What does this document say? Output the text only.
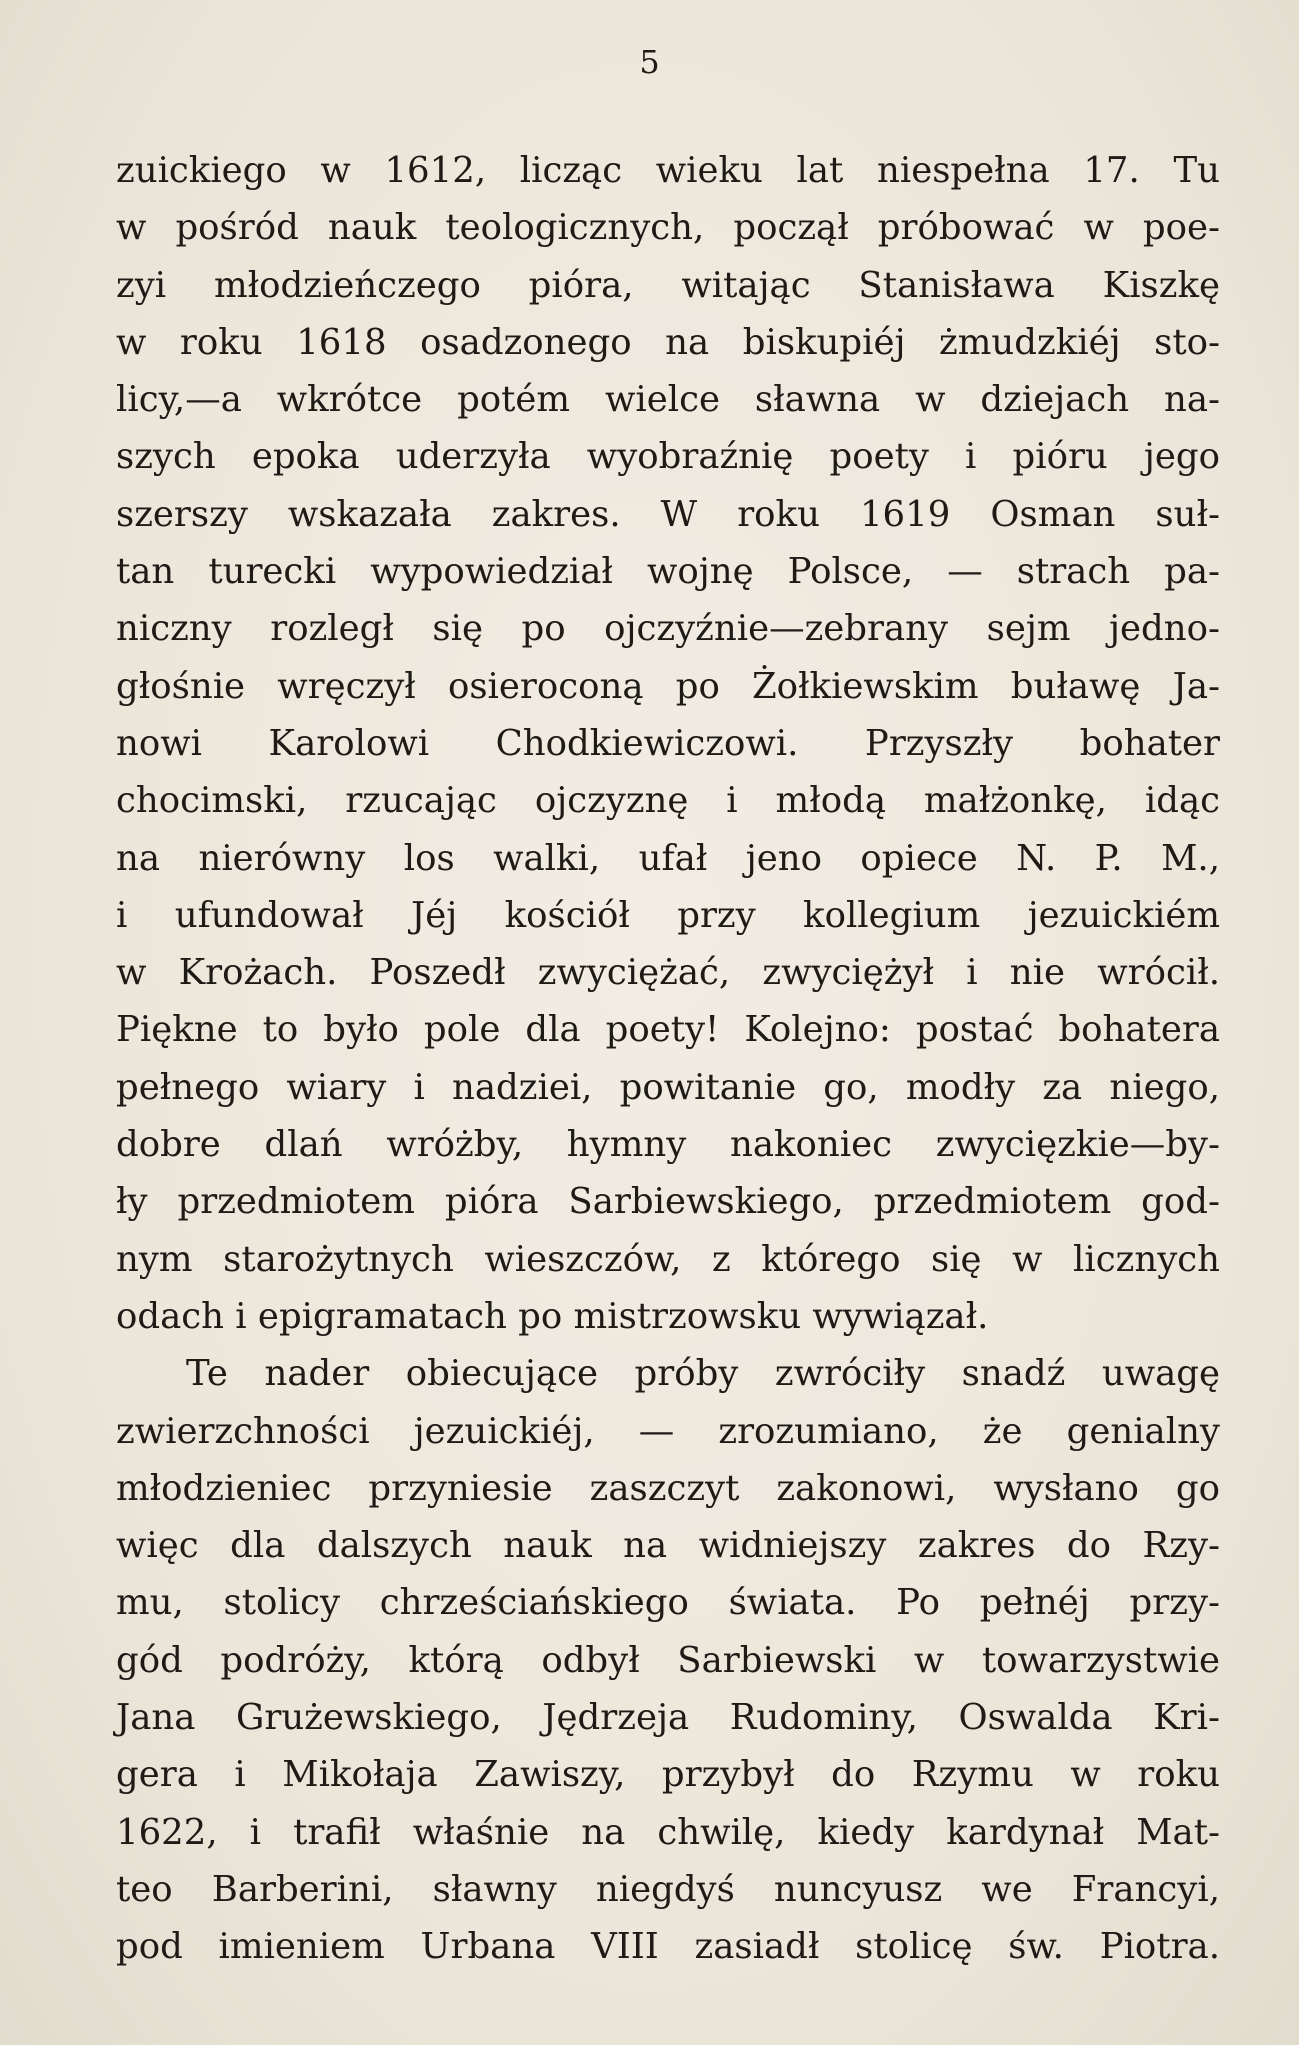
5
zuickiego w 1612, licząc wieku lat niespełna 17. Tu
w pośród nauk teologicznych, począł próbować w poe-
zyi młodzieńczego pióra, witając Stanisława Kiszkę
w roku 1618 osadzonego na biskupiéj żmudzkiéj sto-
licy,—a wkrótce potém wielce sławna w dziejach na-
szych epoka uderzyła wyobraźnię poety i pióru jego
szerszy wskazała zakres. W roku 1619 Osman suł-
tan turecki wypowiedział wojnę Polsce, — strach pa-
niczny rozległ się po ojczyźnie—zebrany sejm jedno-
głośnie wręczył osieroconą po Żołkiewskim buławę Ja-
nowi Karolowi Chodkiewiczowi. Przyszły bohater
chocimski, rzucając ojczyznę i młodą małżonkę, idąc
na nierówny los walki, ufał jeno opiece N. P. M.,
i ufundował Jéj kościół przy kollegium jezuickiém
w Krożach. Poszedł zwyciężać, zwyciężył i nie wrócił.
Piękne to było pole dla poety! Kolejno: postać bohatera
pełnego wiary i nadziei, powitanie go, modły za niego,
dobre dlań wróżby, hymny nakoniec zwycięzkie—by-
ły przedmiotem pióra Sarbiewskiego, przedmiotem god-
nym starożytnych wieszczów, z którego się w licznych
odach i epigramatach po mistrzowsku wywiązał.
Te nader obiecujące próby zwróciły snadź uwagę
zwierzchności jezuickiéj, — zrozumiano, że genialny
młodzieniec przyniesie zaszczyt zakonowi, wysłano go
więc dla dalszych nauk na widniejszy zakres do Rzy-
mu, stolicy chrześciańskiego świata. Po pełnéj przy-
gód podróży, którą odbył Sarbiewski w towarzystwie
Jana Grużewskiego, Jędrzeja Rudominy, Oswalda Kri-
gera i Mikołaja Zawiszy, przybył do Rzymu w roku
1622, i trafił właśnie na chwilę, kiedy kardynał Mat-
teo Barberini, sławny niegdyś nuncyusz we Francyi,
pod imieniem Urbana VIII zasiadł stolicę św. Piotra.
